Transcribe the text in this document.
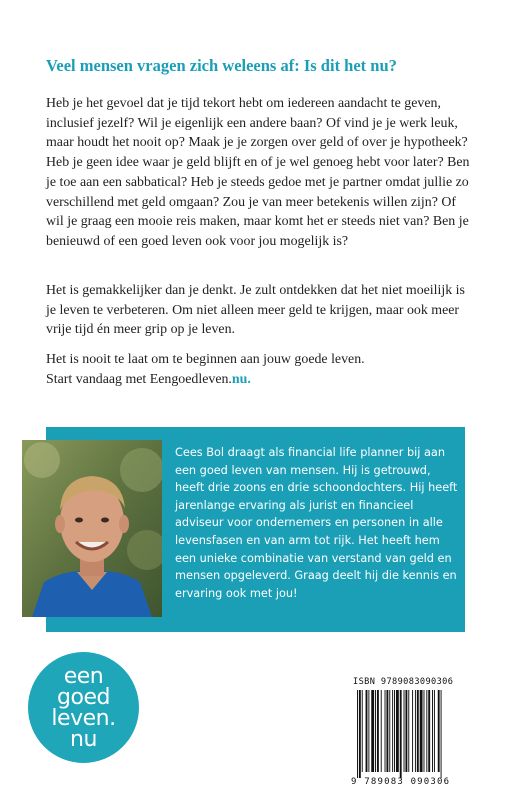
Veel mensen vragen zich weleens af: Is dit het nu?

Heb je het gevoel dat je tijd tekort hebt om iedereen aandacht te geven, inclusief jezelf? Wil je eigenlijk een andere baan? Of vind je je werk leuk, maar houdt het nooit op? Maak je je zorgen over geld of over je hypotheek? Heb je geen idee waar je geld blijft en of je wel genoeg hebt voor later? Ben je toe aan een sabbatical? Heb je steeds gedoe met je partner omdat jullie zo verschillend met geld omgaan? Zou je van meer betekenis willen zijn? Of wil je graag een mooie reis maken, maar komt het er steeds niet van? Ben je benieuwd of een goed leven ook voor jou mogelijk is?

Het is gemakkelijker dan je denkt. Je zult ontdekken dat het niet moeilijk is je leven te verbeteren. Om niet alleen meer geld te krijgen, maar ook meer vrije tijd én meer grip op je leven.

Het is nooit te laat om te beginnen aan jouw goede leven.
Start vandaag met Eengoedleven.nu.

Cees Bol draagt als financial life planner bij aan een goed leven van mensen. Hij is getrouwd, heeft drie zoons en drie schoondochters. Hij heeft jarenlange ervaring als jurist en financieel adviseur voor ondernemers en personen in alle levensfasen en van arm tot rijk. Het heeft hem een unieke combinatie van verstand van geld en mensen opgeleverd. Graag deelt hij die kennis en ervaring ook met jou!

een
goed
leven.
nu
ISBN 9789083090306
9 789083 090306
